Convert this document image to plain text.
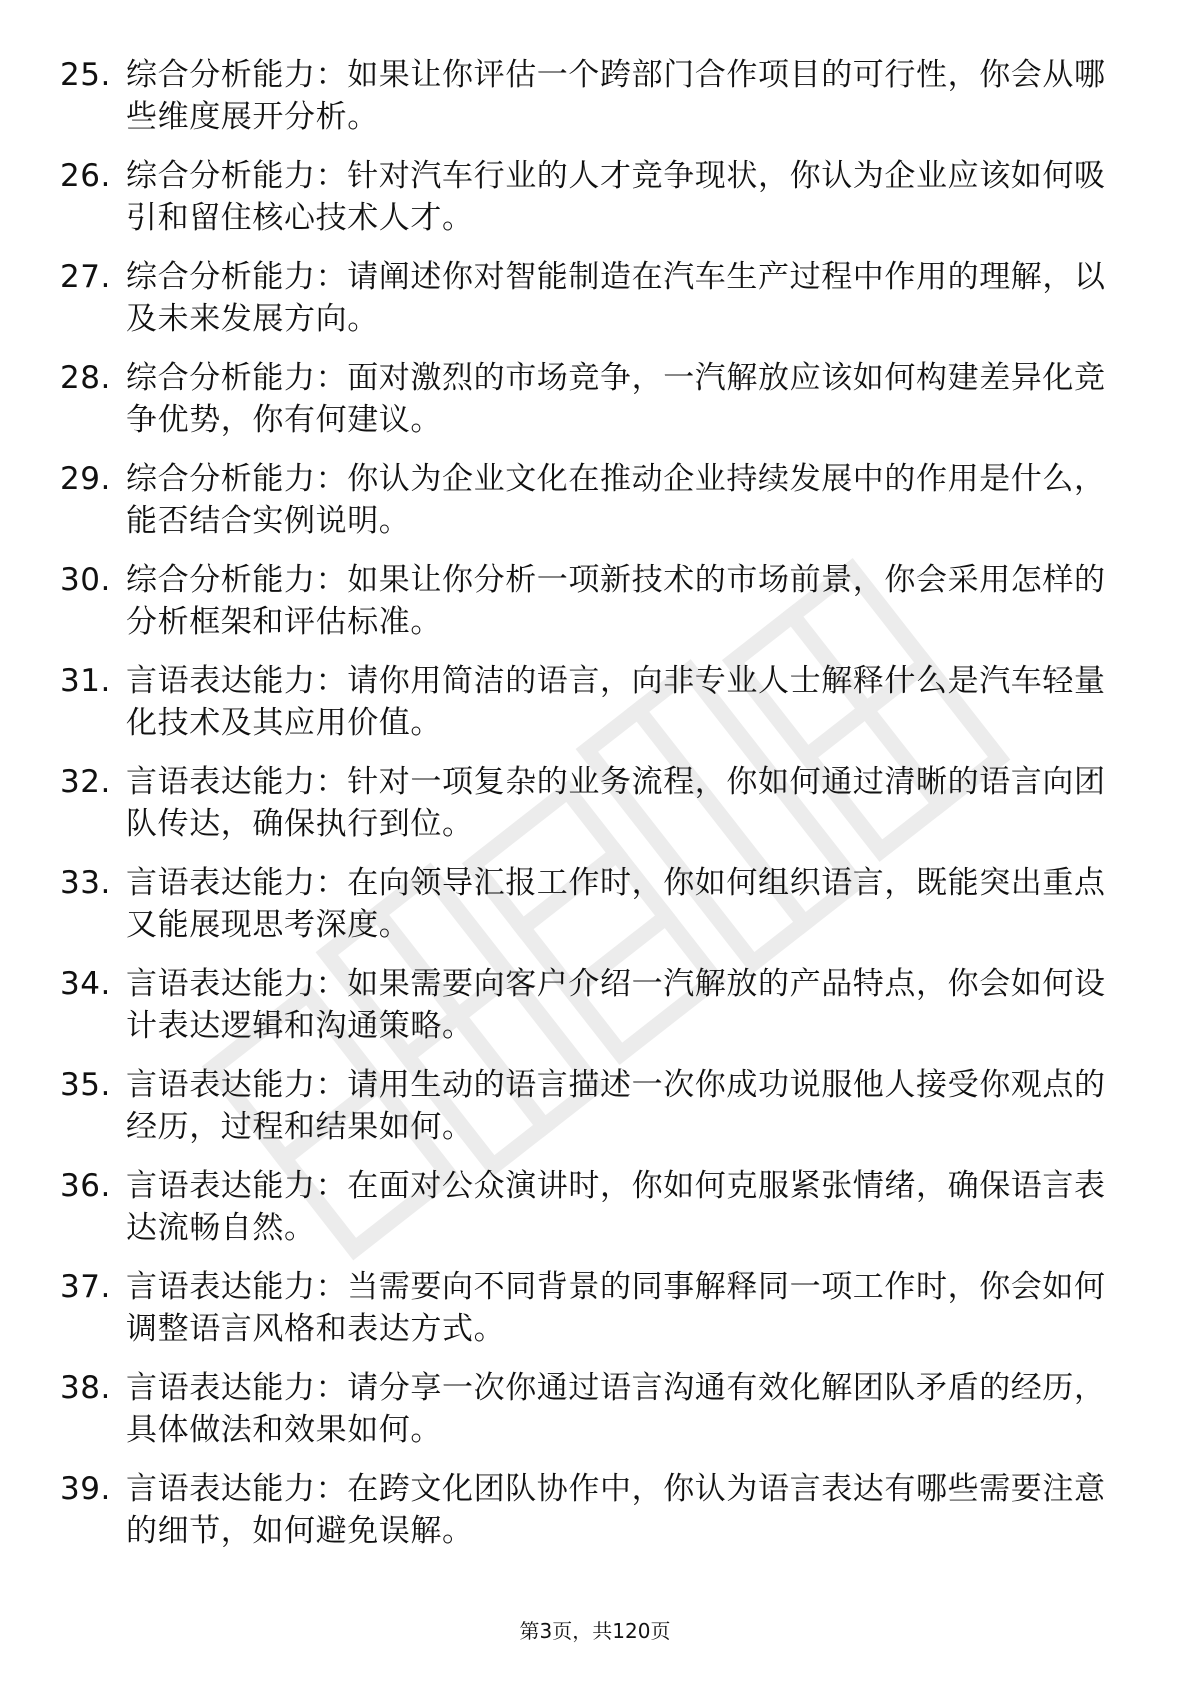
25. 综合分析能力：如果让你评估一个跨部门合作项目的可行性，你会从哪些维度展开分析。
26. 综合分析能力：针对汽车行业的人才竞争现状，你认为企业应该如何吸引和留住核心技术人才。
27. 综合分析能力：请阐述你对智能制造在汽车生产过程中作用的理解，以及未来发展方向。
28. 综合分析能力：面对激烈的市场竞争，一汽解放应该如何构建差异化竞争优势，你有何建议。
29. 综合分析能力：你认为企业文化在推动企业持续发展中的作用是什么，能否结合实例说明。
30. 综合分析能力：如果让你分析一项新技术的市场前景，你会采用怎样的分析框架和评估标准。
31. 言语表达能力：请你用简洁的语言，向非专业人士解释什么是汽车轻量化技术及其应用价值。
32. 言语表达能力：针对一项复杂的业务流程，你如何通过清晰的语言向团队传达，确保执行到位。
33. 言语表达能力：在向领导汇报工作时，你如何组织语言，既能突出重点又能展现思考深度。
34. 言语表达能力：如果需要向客户介绍一汽解放的产品特点，你会如何设计表达逻辑和沟通策略。
35. 言语表达能力：请用生动的语言描述一次你成功说服他人接受你观点的经历，过程和结果如何。
36. 言语表达能力：在面对公众演讲时，你如何克服紧张情绪，确保语言表达流畅自然。
37. 言语表达能力：当需要向不同背景的同事解释同一项工作时，你会如何调整语言风格和表达方式。
38. 言语表达能力：请分享一次你通过语言沟通有效化解团队矛盾的经历，具体做法和效果如何。
39. 言语表达能力：在跨文化团队协作中，你认为语言表达有哪些需要注意的细节，如何避免误解。
第3页，共120页
